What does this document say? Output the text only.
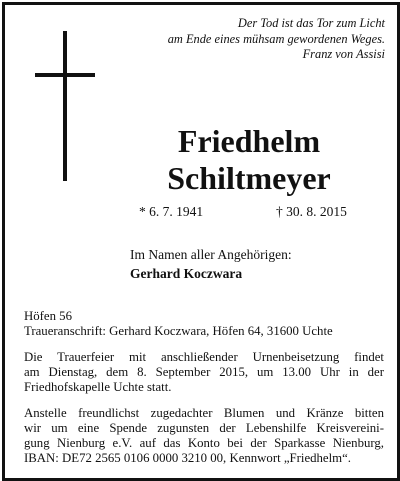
Der Tod ist das Tor zum Licht
am Ende eines mühsam gewordenen Weges.
Franz von Assisi
Friedhelm
Schiltmeyer
* 6. 7. 1941	† 30. 8. 2015
Im Namen aller Angehörigen:
Gerhard Koczwara
Höfen 56
Traueranschrift: Gerhard Koczwara, Höfen 64, 31600 Uchte
Die Trauerfeier mit anschließender Urnenbeisetzung findet
am Dienstag, dem 8. September 2015, um 13.00 Uhr in der
Friedhofskapelle Uchte statt.
Anstelle freundlichst zugedachter Blumen und Kränze bitten
wir um eine Spende zugunsten der Lebenshilfe Kreisvereini-
gung Nienburg e.V. auf das Konto bei der Sparkasse Nienburg,
IBAN: DE72 2565 0106 0000 3210 00, Kennwort „Friedhelm“.
